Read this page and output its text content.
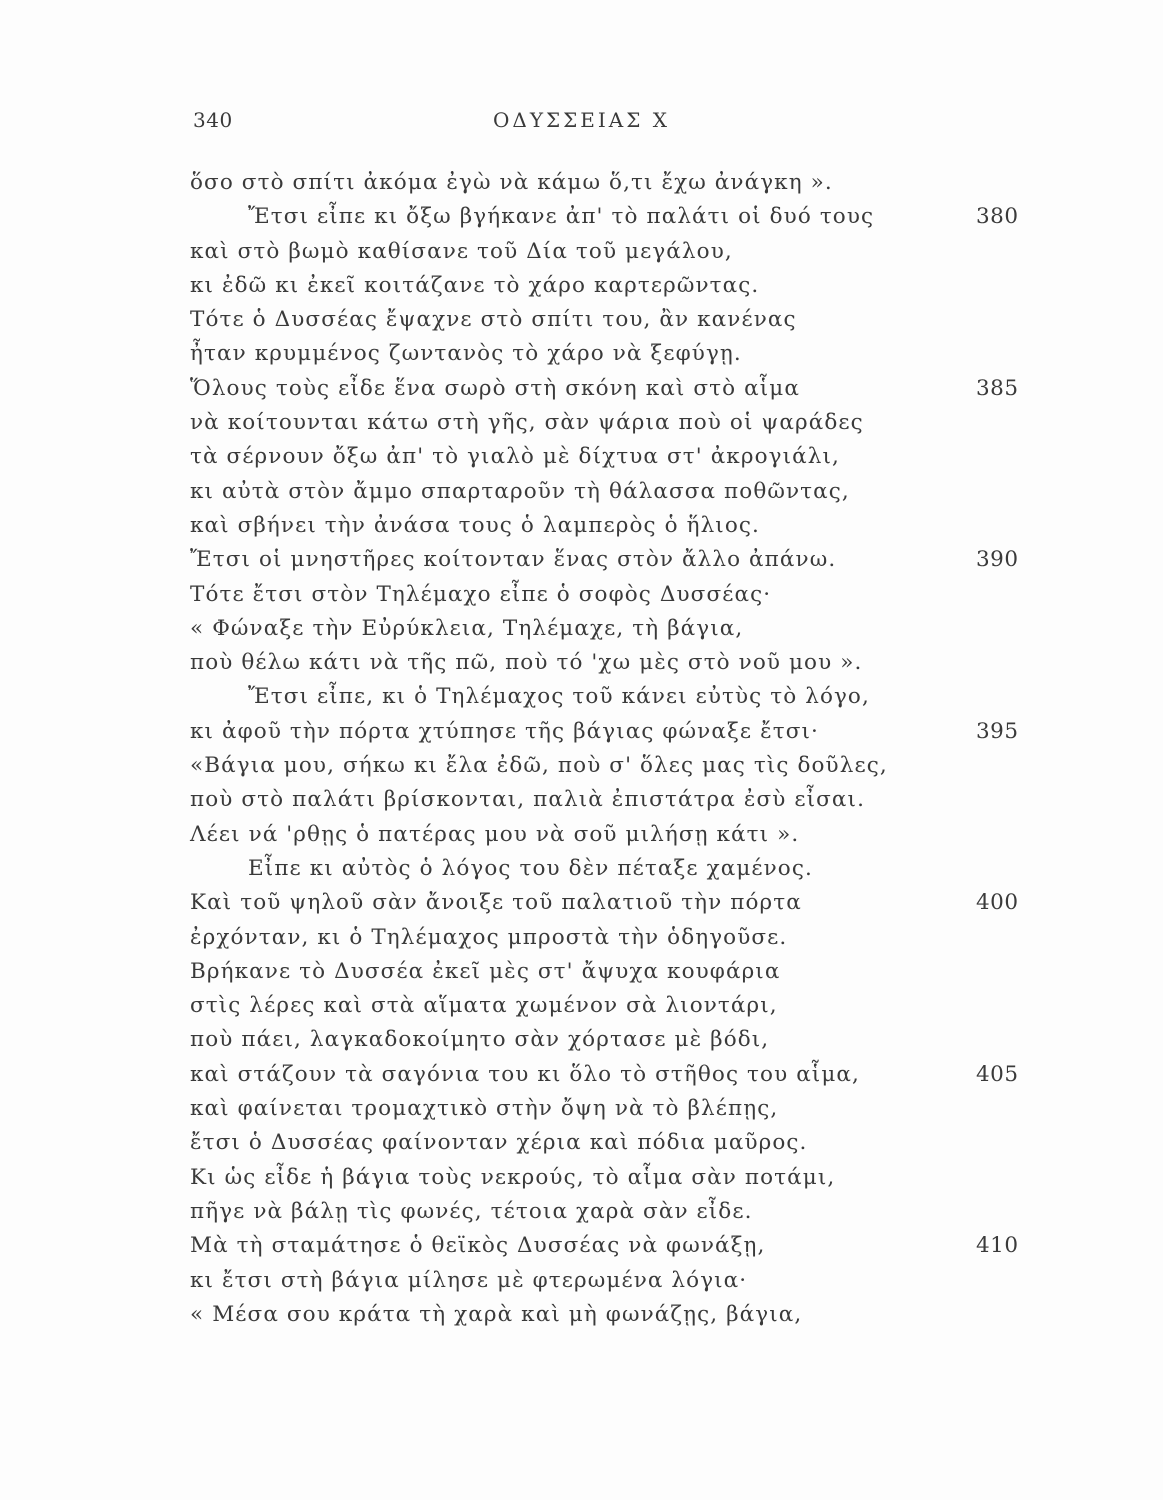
340	ΟΔΥΣΣΕΙΑΣ Χ
ὅσο στὸ σπίτι ἀκόμα ἐγὼ νὰ κάμω ὅ,τι ἔχω ἀνάγκη ».
Ἔτσι εἶπε κι ὄξω βγήκανε ἀπ' τὸ παλάτι οἱ δυό τους	380
καὶ στὸ βωμὸ καθίσανε τοῦ Δία τοῦ μεγάλου,
κι ἐδῶ κι ἐκεῖ κοιτάζανε τὸ χάρο καρτερῶντας.
Τότε ὁ Δυσσέας ἔψαχνε στὸ σπίτι του, ἂν κανένας
ἦταν κρυμμένος ζωντανὸς τὸ χάρο νὰ ξεφύγῃ.
Ὅλους τοὺς εἶδε ἕνα σωρὸ στὴ σκόνη καὶ στὸ αἷμα	385
νὰ κοίτουνται κάτω στὴ γῆς, σὰν ψάρια ποὺ οἱ ψαράδες
τὰ σέρνουν ὄξω ἀπ' τὸ γιαλὸ μὲ δίχτυα στ' ἀκρογιάλι,
κι αὐτὰ στὸν ἄμμο σπαρταροῦν τὴ θάλασσα ποθῶντας,
καὶ σβήνει τὴν ἀνάσα τους ὁ λαμπερὸς ὁ ἥλιος.
Ἔτσι οἱ μνηστῆρες κοίτονταν ἕνας στὸν ἄλλο ἀπάνω.	390
Τότε ἔτσι στὸν Τηλέμαχο εἶπε ὁ σοφὸς Δυσσέας·
« Φώναξε τὴν Εὐρύκλεια, Τηλέμαχε, τὴ βάγια,
ποὺ θέλω κάτι νὰ τῆς πῶ, ποὺ τό 'χω μὲς στὸ νοῦ μου ».
Ἔτσι εἶπε, κι ὁ Τηλέμαχος τοῦ κάνει εὐτὺς τὸ λόγο,
κι ἀφοῦ τὴν πόρτα χτύπησε τῆς βάγιας φώναξε ἔτσι·	395
«Βάγια μου, σήκω κι ἔλα ἐδῶ, ποὺ σ' ὅλες μας τὶς δοῦλες,
ποὺ στὸ παλάτι βρίσκονται, παλιὰ ἐπιστάτρα ἐσὺ εἶσαι.
Λέει νά 'ρθῃς ὁ πατέρας μου νὰ σοῦ μιλήσῃ κάτι ».
Εἶπε κι αὐτὸς ὁ λόγος του δὲν πέταξε χαμένος.
Καὶ τοῦ ψηλοῦ σὰν ἄνοιξε τοῦ παλατιοῦ τὴν πόρτα	400
ἐρχόνταν, κι ὁ Τηλέμαχος μπροστὰ τὴν ὁδηγοῦσε.
Βρήκανε τὸ Δυσσέα ἐκεῖ μὲς στ' ἄψυχα κουφάρια
στὶς λέρες καὶ στὰ αἵματα χωμένον σὰ λιοντάρι,
ποὺ πάει, λαγκαδοκοίμητο σὰν χόρτασε μὲ βόδι,
καὶ στάζουν τὰ σαγόνια του κι ὅλο τὸ στῆθος του αἷμα,	405
καὶ φαίνεται τρομαχτικὸ στὴν ὄψη νὰ τὸ βλέπῃς,
ἔτσι ὁ Δυσσέας φαίνονταν χέρια καὶ πόδια μαῦρος.
Κι ὡς εἶδε ἡ βάγια τοὺς νεκρούς, τὸ αἷμα σὰν ποτάμι,
πῆγε νὰ βάλῃ τὶς φωνές, τέτοια χαρὰ σὰν εἶδε.
Μὰ τὴ σταμάτησε ὁ θεϊκὸς Δυσσέας νὰ φωνάξῃ,	410
κι ἔτσι στὴ βάγια μίλησε μὲ φτερωμένα λόγια·
« Μέσα σου κράτα τὴ χαρὰ καὶ μὴ φωνάζῃς, βάγια,
